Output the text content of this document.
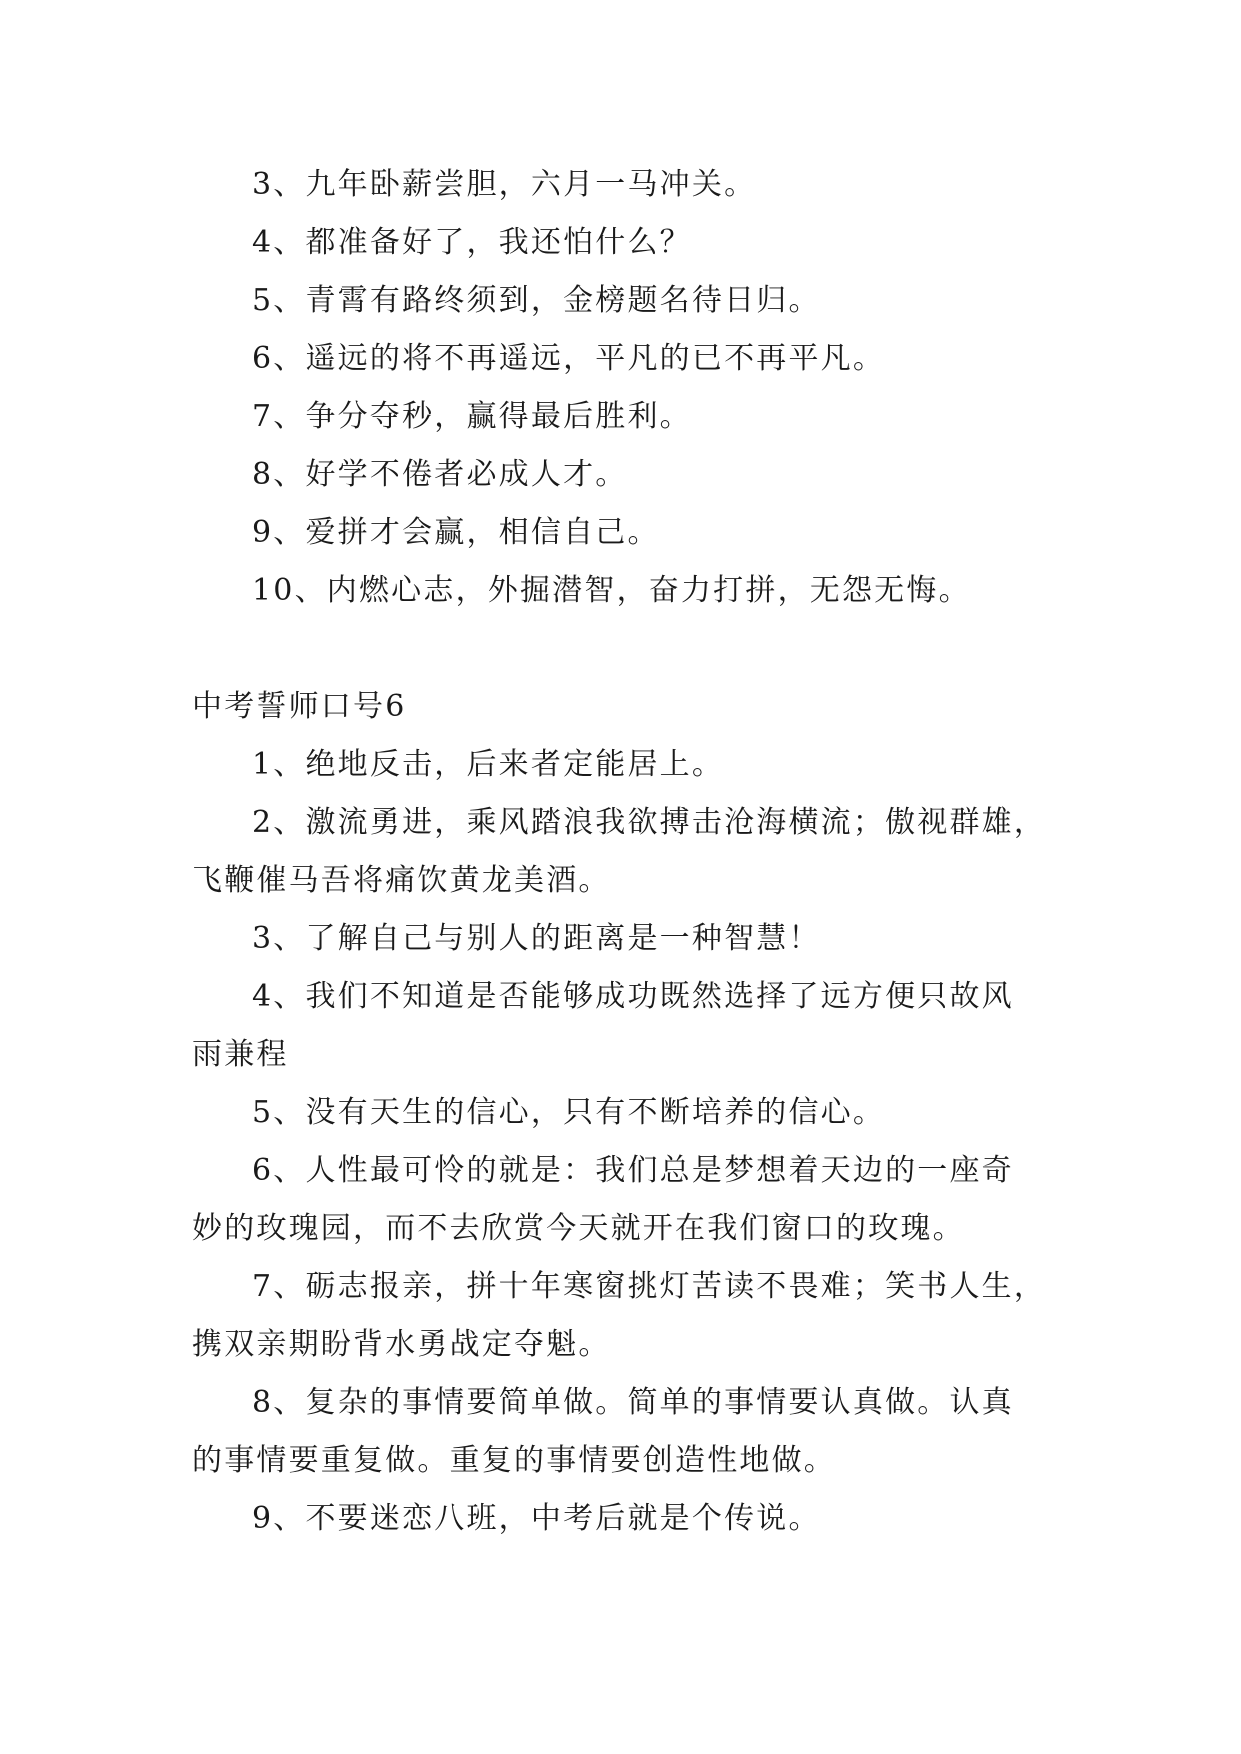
3、九年卧薪尝胆，六月一马冲关。
4、都准备好了，我还怕什么？
5、青霄有路终须到，金榜题名待日归。
6、遥远的将不再遥远，平凡的已不再平凡。
7、争分夺秒，赢得最后胜利。
8、好学不倦者必成人才。
9、爱拼才会赢，相信自己。
10、内燃心志，外掘潜智，奋力打拼，无怨无悔。
中考誓师口号6
1、绝地反击，后来者定能居上。
2、激流勇进，乘风踏浪我欲搏击沧海横流；傲视群雄，
飞鞭催马吾将痛饮黄龙美酒。
3、了解自己与别人的距离是一种智慧！
4、我们不知道是否能够成功既然选择了远方便只故风
雨兼程
5、没有天生的信心，只有不断培养的信心。
6、人性最可怜的就是：我们总是梦想着天边的一座奇
妙的玫瑰园，而不去欣赏今天就开在我们窗口的玫瑰。
7、砺志报亲，拼十年寒窗挑灯苦读不畏难；笑书人生，
携双亲期盼背水勇战定夺魁。
8、复杂的事情要简单做。简单的事情要认真做。认真
的事情要重复做。重复的事情要创造性地做。
9、不要迷恋八班，中考后就是个传说。
